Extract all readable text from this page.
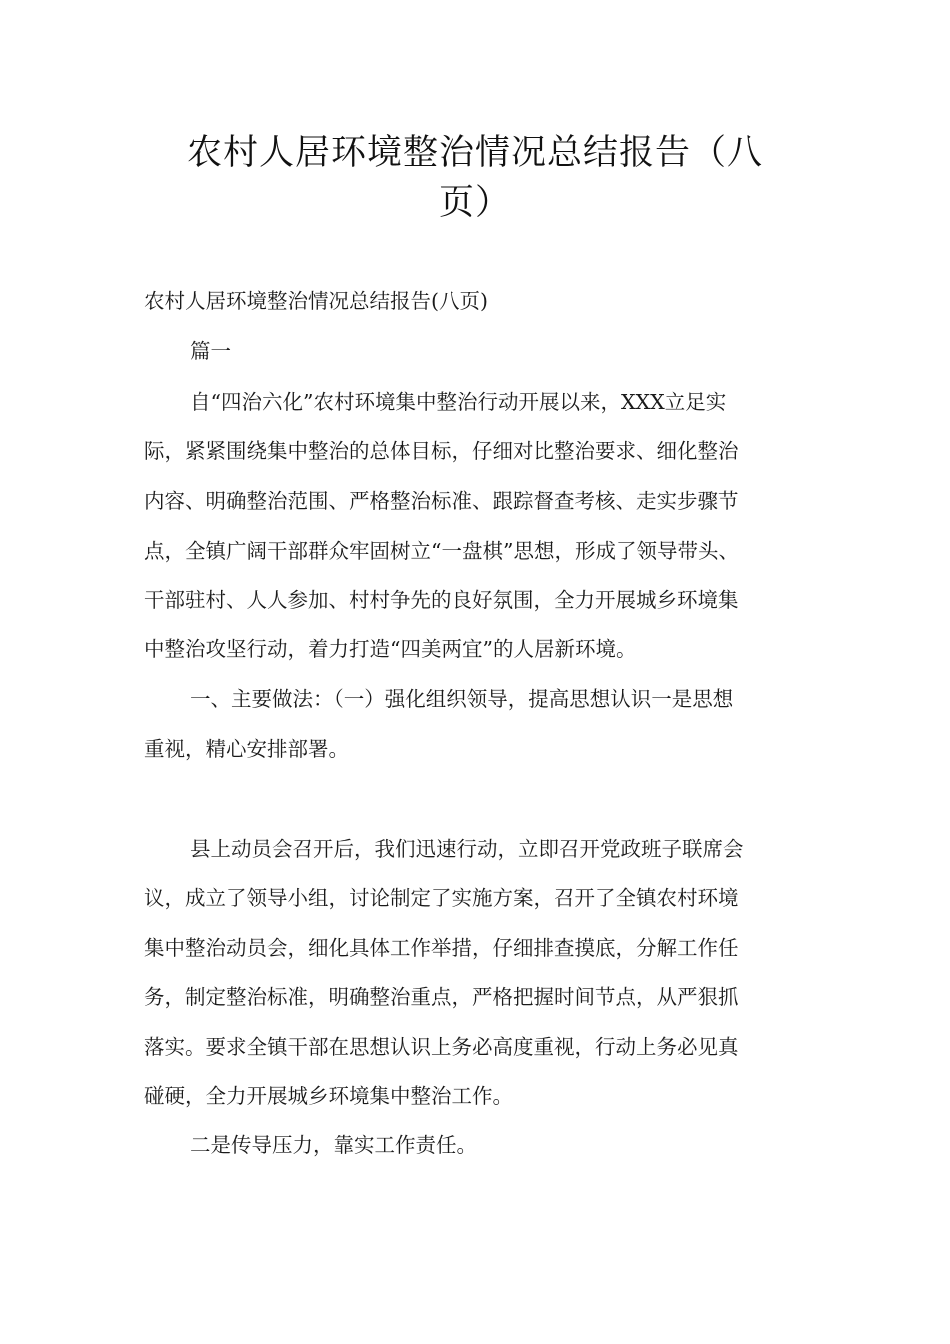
农村人居环境整治情况总结报告（八
页）
农村人居环境整治情况总结报告(八页)
篇一
自“四治六化”农村环境集中整治行动开展以来，XXX立足实
际，紧紧围绕集中整治的总体目标，仔细对比整治要求、细化整治
内容、明确整治范围、严格整治标准、跟踪督查考核、走实步骤节
点，全镇广阔干部群众牢固树立“一盘棋”思想，形成了领导带头、
干部驻村、人人参加、村村争先的良好氛围，全力开展城乡环境集
中整治攻坚行动，着力打造“四美两宜”的人居新环境。
一、主要做法：（一）强化组织领导，提高思想认识一是思想
重视，精心安排部署。
县上动员会召开后，我们迅速行动，立即召开党政班子联席会
议，成立了领导小组，讨论制定了实施方案，召开了全镇农村环境
集中整治动员会，细化具体工作举措，仔细排查摸底，分解工作任
务，制定整治标准，明确整治重点，严格把握时间节点，从严狠抓
落实。要求全镇干部在思想认识上务必高度重视，行动上务必见真
碰硬，全力开展城乡环境集中整治工作。
二是传导压力，靠实工作责任。
